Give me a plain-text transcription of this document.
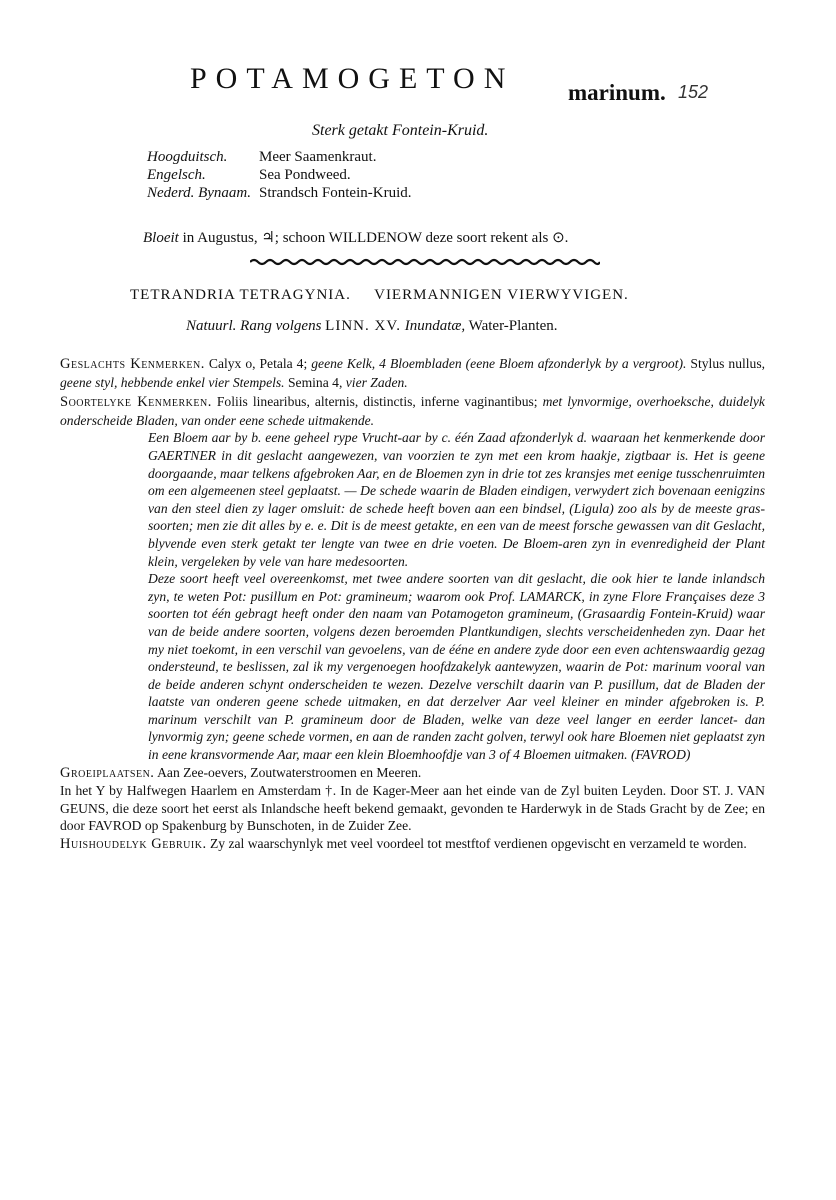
POTAMOGETON marinum. 152
Sterk getakt Fontein-Kruid.
Hoogduitsch.	Meer Saamenkraut.
Engelsch.	Sea Pondweed.
Nederd. Bynaam. Strandsch Fontein-Kruid.
Bloeit in Augustus, ♃; schoon WILLDENOW deze soort rekent als ⊙.
TETRANDRIA TETRAGYNIA. VIERMANNIGEN VIERWYVIGEN.
Natuurl. Rang volgens LINN. XV. Inundatæ, Water-Planten.

Geslachts Kenmerken. Calyx o, Petala 4; geene Kelk, 4 Bloembladen (eene Bloem afzonderlyk by a vergroot). Stylus nullus, geene styl, hebbende enkel vier Stempels. Semina 4, vier Zaden.

Soortelyke Kenmerken. Foliis linearibus, alternis, distinctis, inferne vaginantibus; met lynvormige, overhoeksche, duidelyk onderscheide Bladen, van onder eene schede uitmakende.

Een Bloem aar by b. eene geheel rype Vrucht-aar by c. één Zaad afzonderlyk d. waaraan het kenmerkende door GAERTNER in dit geslacht aangewezen, van voorzien te zyn met een krom haakje, zigtbaar is. Het is geene doorgaande, maar telkens afgebroken Aar, en de Bloemen zyn in drie tot zes kransjes met eenige tusschenruimten om een algemeenen steel geplaatst. — De schede waarin de Bladen eindigen, verwydert zich bovenaan eenigzins van den steel dien zy lager omsluit: de schede heeft boven aan een bindsel, (Ligula) zoo als by de meeste gras-soorten; men zie dit alles by e. e. Dit is de meest getakte, en een van de meest forsche gewassen van dit Geslacht, blyvende even sterk getakt ter lengte van twee en drie voeten. De Bloem-aren zyn in evenredigheid der Plant klein, vergeleken by vele van hare medesoorten.

Deze soort heeft veel overeenkomst, met twee andere soorten van dit geslacht, die ook hier te lande inlandsch zyn, te weten Pot: pusillum en Pot: gramineum; waarom ook Prof. LAMARCK, in zyne Flore Françaises deze 3 soorten tot één gebragt heeft onder den naam van Potamogeton gramineum, (Grasaardig Fontein-Kruid) waar van de beide andere soorten, volgens dezen beroemden Plantkundigen, slechts verscheidenheden zyn. Daar het my niet toekomt, in een verschil van gevoelens, van de ééne en andere zyde door een even achtenswaardig gezag ondersteund, te beslissen, zal ik my vergenoegen hoofdzakelyk aantewyzen, waarin de Pot: marinum vooral van de beide anderen schynt onderscheiden te wezen. Dezelve verschilt daarin van P. pusillum, dat de Bladen der laatste van onderen geene schede uitmaken, en dat derzelver Aar veel kleiner en minder afgebroken is. P. marinum verschilt van P. gramineum door de Bladen, welke van deze veel langer en eerder lancet- dan lynvormig zyn; geene schede vormen, en aan de randen zacht golven, terwyl ook hare Bloemen niet geplaatst zyn in eene kransvormende Aar, maar een klein Bloemhoofdje van 3 of 4 Bloemen uitmaken. (FAVROD)

Groeiplaatsen. Aan Zee-oevers, Zoutwaterstroomen en Meeren.

In het Y by Halfwegen Haarlem en Amsterdam †. In de Kager-Meer aan het einde van de Zyl buiten Leyden. Door ST. J. VAN GEUNS, die deze soort het eerst als Inlandsche heeft bekend gemaakt, gevonden te Harderwyk in de Stads Gracht by de Zee; en door FAVROD op Spakenburg by Bunschoten, in de Zuider Zee.

Huishoudelyk Gebruik. Zy zal waarschynlyk met veel voordeel tot mestftof verdienen opgevischt en verzameld te worden.
